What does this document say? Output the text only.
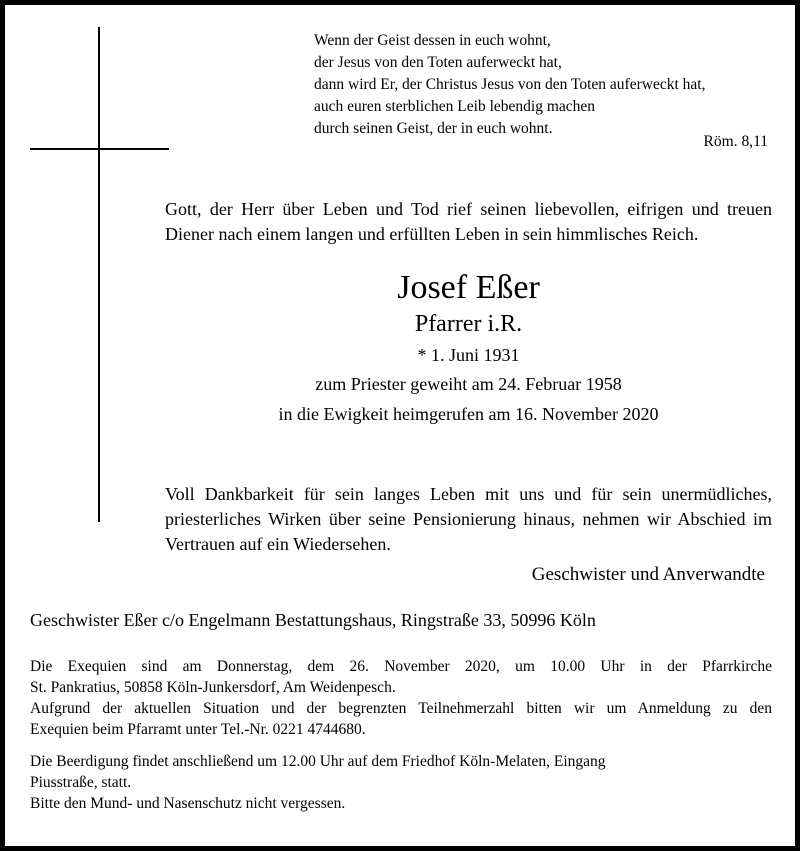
Wenn der Geist dessen in euch wohnt,
der Jesus von den Toten auferweckt hat,
dann wird Er, der Christus Jesus von den Toten auferweckt hat,
auch euren sterblichen Leib lebendig machen
durch seinen Geist, der in euch wohnt.
Röm. 8,11
Gott, der Herr über Leben und Tod rief seinen liebevollen, eifrigen und treuen Diener nach einem langen und erfüllten Leben in sein himmlisches Reich.
Josef Eßer
Pfarrer i.R.
* 1. Juni 1931
zum Priester geweiht am 24. Februar 1958
in die Ewigkeit heimgerufen am 16. November 2020
Voll Dankbarkeit für sein langes Leben mit uns und für sein unermüdliches, priesterliches Wirken über seine Pensionierung hinaus, nehmen wir Abschied im Vertrauen auf ein Wiedersehen.
Geschwister und Anverwandte
Geschwister Eßer c/o Engelmann Bestattungshaus, Ringstraße 33, 50996 Köln
Die Exequien sind am Donnerstag, dem 26. November 2020, um 10.00 Uhr in der Pfarrkirche
St. Pankratius, 50858 Köln-Junkersdorf, Am Weidenpesch.
Aufgrund der aktuellen Situation und der begrenzten Teilnehmerzahl bitten wir um Anmeldung zu den
Exequien beim Pfarramt unter Tel.-Nr. 0221 4744680.
Die Beerdigung findet anschließend um 12.00 Uhr auf dem Friedhof Köln-Melaten, Eingang
Piusstraße, statt.
Bitte den Mund- und Nasenschutz nicht vergessen.
